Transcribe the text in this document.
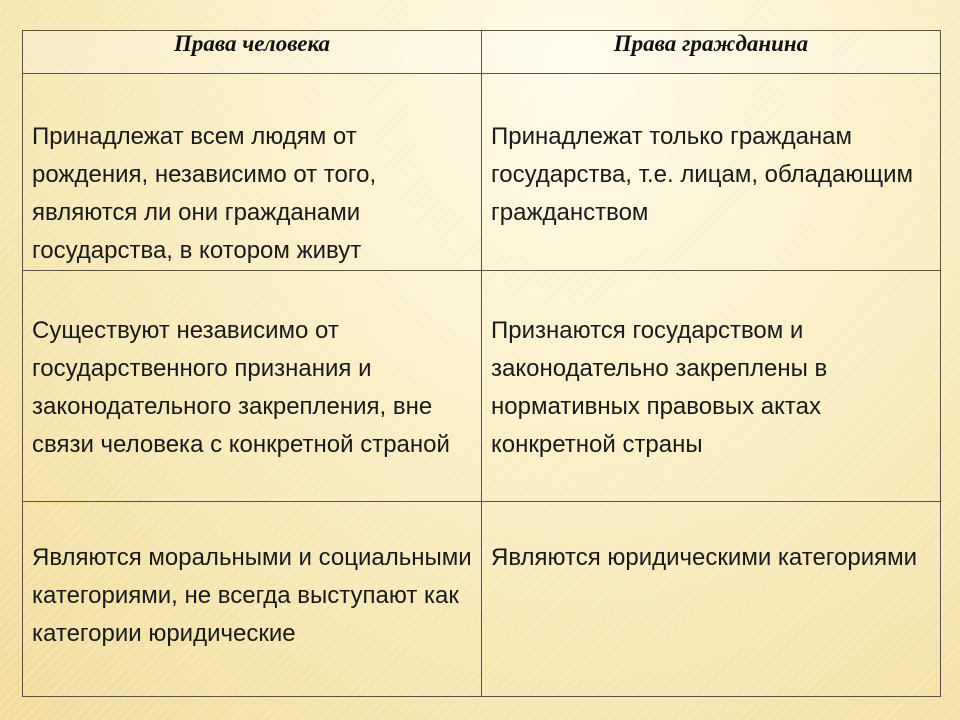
Права человека	Права гражданина

Принадлежат всем людям от рождения, независимо от того, являются ли они гражданами государства, в котором живут	Принадлежат только гражданам государства, т.е. лицам, обладающим гражданством

Существуют независимо от государственного признания и законодательного закрепления, вне связи человека с конкретной страной	Признаются государством и законодательно закреплены в нормативных правовых актах конкретной страны

Являются моральными и социальными категориями, не всегда выступают как категории юридические	Являются юридическими категориями
